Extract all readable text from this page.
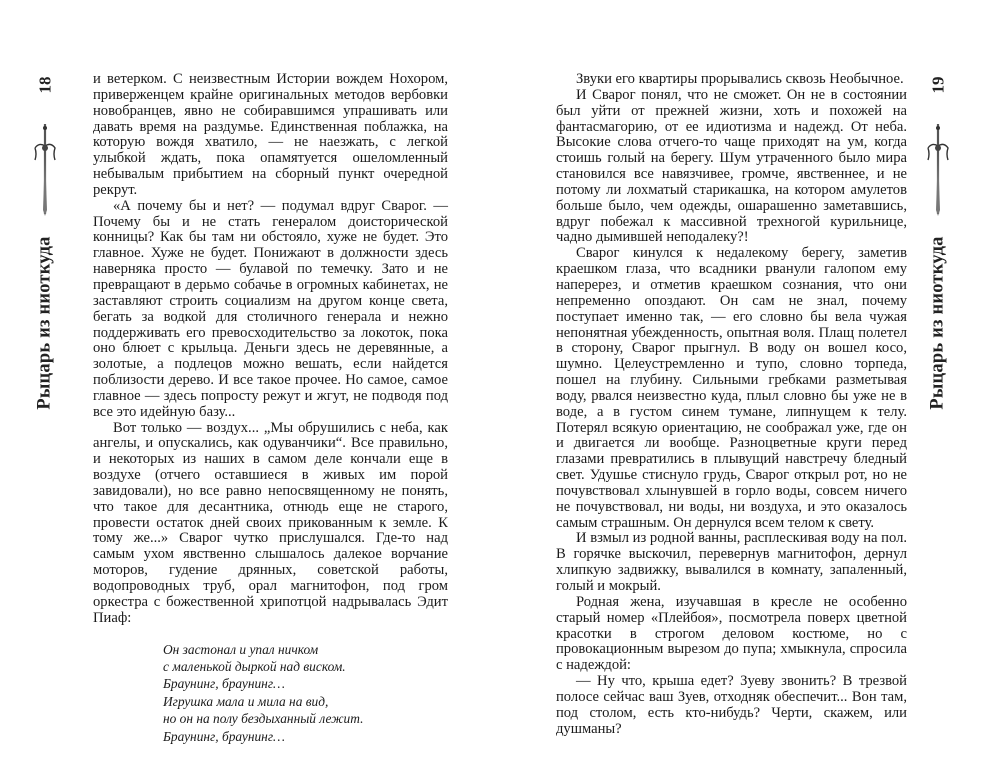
18
Рыцарь из ниоткуда

и ветерком. С неизвестным Истории вождем Нохором, приверженцем крайне оригинальных методов вербовки новобранцев, явно не собиравшимся упрашивать или давать время на раздумье. Единственная поблажка, на которую вождя хватило, — не наезжать, с легкой улыбкой ждать, пока опамятуется ошеломленный небывалым прибытием на сборный пункт очередной рекрут.

«А почему бы и нет? — подумал вдруг Сварог. — Почему бы и не стать генералом доисторической конницы? Как бы там ни обстояло, хуже не будет. Это главное. Хуже не будет. Понижают в должности здесь наверняка просто — булавой по темечку. Зато и не превращают в дерьмо собачье в огромных кабинетах, не заставляют строить социализм на другом конце света, бегать за водкой для столичного генерала и нежно поддерживать его превосходительство за локоток, пока оно блюет с крыльца. Деньги здесь не деревянные, а золотые, а подлецов можно вешать, если найдется поблизости дерево. И все такое прочее. Но самое, самое главное — здесь попросту режут и жгут, не подводя под все это идейную базу...

Вот только — воздух... „Мы обрушились с неба, как ангелы, и опускались, как одуванчики“. Все правильно, и некоторых из наших в самом деле кончали еще в воздухе (отчего оставшиеся в живых им порой завидовали), но все равно непосвященному не понять, что такое для десантника, отнюдь еще не старого, провести остаток дней своих прикованным к земле. К тому же...» Сварог чутко прислушался. Где-то над самым ухом явственно слышалось далекое ворчание моторов, гудение дрянных, советской работы, водопроводных труб, орал магнитофон, под гром оркестра с божественной хрипотцой надрывалась Эдит Пиаф:

Он застонал и упал ничком
с маленькой дыркой над виском.
Браунинг, браунинг…
Игрушка мала и мила на вид,
но он на полу бездыханный лежит.
Браунинг, браунинг…

Звуки его квартиры прорывались сквозь Необычное.

И Сварог понял, что не сможет. Он не в состоянии был уйти от прежней жизни, хоть и похожей на фантасмагорию, от ее идиотизма и надежд. От неба. Высокие слова отчего-то чаще приходят на ум, когда стоишь голый на берегу. Шум утраченного было мира становился все навязчивее, громче, явственнее, и не потому ли лохматый старикашка, на котором амулетов больше было, чем одежды, ошарашенно заметавшись, вдруг побежал к массивной трехногой курильнице, чадно дымившей неподалеку?!

Сварог кинулся к недалекому берегу, заметив краешком глаза, что всадники рванули галопом ему наперерез, и отметив краешком сознания, что они непременно опоздают. Он сам не знал, почему поступает именно так, — его словно бы вела чужая непонятная убежденность, опытная воля. Плащ полетел в сторону, Сварог прыгнул. В воду он вошел косо, шумно. Целеустремленно и тупо, словно торпеда, пошел на глубину. Сильными гребками разметывая воду, рвался неизвестно куда, плыл словно бы уже не в воде, а в густом синем тумане, липнущем к телу. Потерял всякую ориентацию, не соображал уже, где он и двигается ли вообще. Разноцветные круги перед глазами превратились в плывущий навстречу бледный свет. Удушье стиснуло грудь, Сварог открыл рот, но не почувствовал хлынувшей в горло воды, совсем ничего не почувствовал, ни воды, ни воздуха, и это оказалось самым страшным. Он дернулся всем телом к свету.

И взмыл из родной ванны, расплескивая воду на пол. В горячке выскочил, перевернув магнитофон, дернул хлипкую задвижку, вывалился в комнату, запаленный, голый и мокрый.

Родная жена, изучавшая в кресле не особенно старый номер «Плейбоя», посмотрела поверх цветной красотки в строгом деловом костюме, но с провокационным вырезом до пупа; хмыкнула, спросила с надеждой:

— Ну что, крыша едет? Зуеву звонить? В трезвой полосе сейчас ваш Зуев, отходняк обеспечит... Вон там, под столом, есть кто-нибудь? Черти, скажем, или душманы?

19
Рыцарь из ниоткуда
